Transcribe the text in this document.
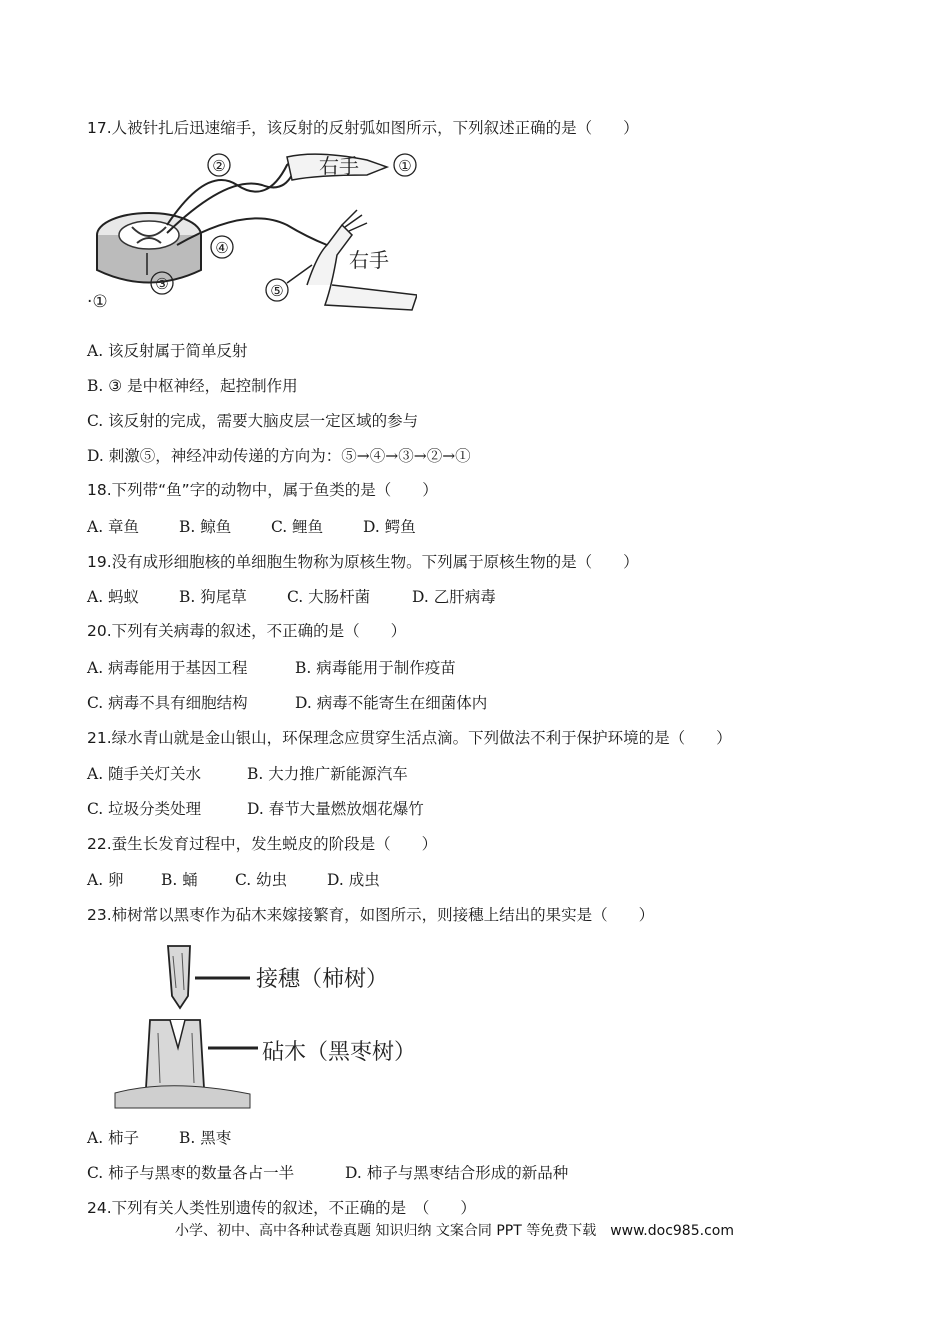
17.人被针扎后迅速缩手，该反射的反射弧如图所示，下列叙述正确的是（　　）
②	①
④
③	⑤
右手
右手
·①
A. 该反射属于简单反射
B. ③ 是中枢神经，起控制作用
C. 该反射的完成，需要大脑皮层一定区域的参与
D. 刺激⑤，神经冲动传递的方向为：⑤→④→③→②→①
18.下列带“鱼”字的动物中，属于鱼类的是（　　）
A. 章鱼	B. 鲸鱼	C. 鲤鱼	D. 鳄鱼
19.没有成形细胞核的单细胞生物称为原核生物。下列属于原核生物的是（　　）
A. 蚂蚁	B. 狗尾草	C. 大肠杆菌	D. 乙肝病毒
20.下列有关病毒的叙述，不正确的是（　　）
A. 病毒能用于基因工程	B. 病毒能用于制作疫苗
C. 病毒不具有细胞结构	D. 病毒不能寄生在细菌体内
21.绿水青山就是金山银山，环保理念应贯穿生活点滴。下列做法不利于保护环境的是（　　）
A. 随手关灯关水	B. 大力推广新能源汽车
C. 垃圾分类处理	D. 春节大量燃放烟花爆竹
22.蚕生长发育过程中，发生蜕皮的阶段是（　　）
A. 卵 B. 蛹 C. 幼虫	D. 成虫
23.柿树常以黑枣作为砧木来嫁接繁育，如图所示，则接穗上结出的果实是（　　）
接穗（柿树）
砧木（黑枣树）
A. 柿子	B. 黑枣
C. 柿子与黑枣的数量各占一半	D. 柿子与黑枣结合形成的新品种
24.下列有关人类性别遗传的叙述，不正确的是　（　　）
小学、初中、高中各种试卷真题 知识归纳 文案合同 PPT 等免费下载　www.doc985.com
